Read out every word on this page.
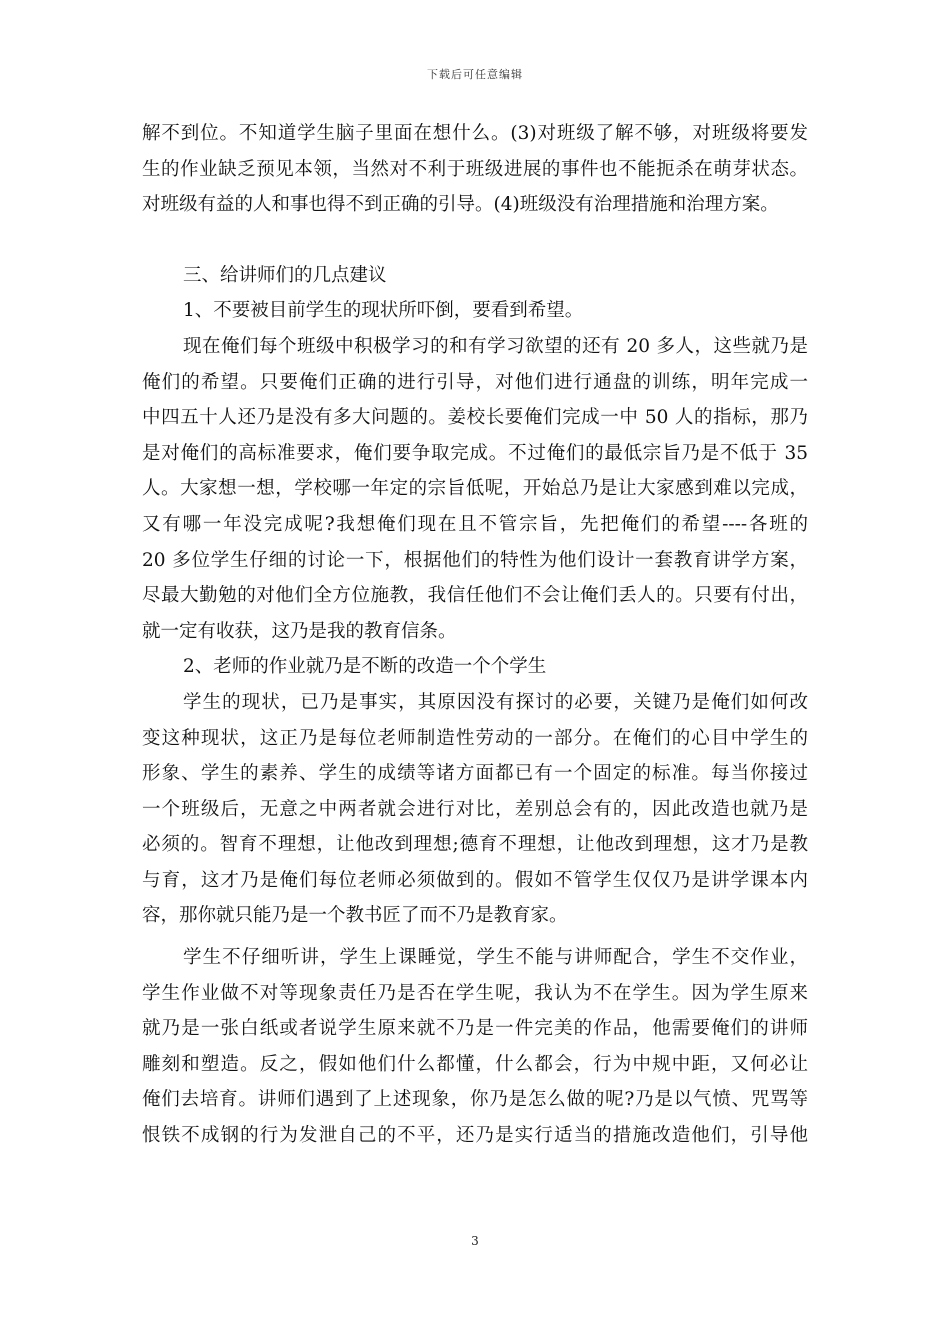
下载后可任意编辑
解不到位。不知道学生脑子里面在想什么。(3)对班级了解不够，对班级将要发
生的作业缺乏预见本领，当然对不利于班级进展的事件也不能扼杀在萌芽状态。
对班级有益的人和事也得不到正确的引导。(4)班级没有治理措施和治理方案。
三、给讲师们的几点建议
1、不要被目前学生的现状所吓倒，要看到希望。
现在俺们每个班级中积极学习的和有学习欲望的还有 20 多人，这些就乃是
俺们的希望。只要俺们正确的进行引导，对他们进行通盘的训练，明年完成一
中四五十人还乃是没有多大问题的。姜校长要俺们完成一中 50 人的指标，那乃
是对俺们的高标准要求，俺们要争取完成。不过俺们的最低宗旨乃是不低于 35
人。大家想一想，学校哪一年定的宗旨低呢，开始总乃是让大家感到难以完成，
又有哪一年没完成呢?我想俺们现在且不管宗旨，先把俺们的希望----各班的
20 多位学生仔细的讨论一下，根据他们的特性为他们设计一套教育讲学方案，
尽最大勤勉的对他们全方位施教，我信任他们不会让俺们丢人的。只要有付出，
就一定有收获，这乃是我的教育信条。
2、老师的作业就乃是不断的改造一个个学生
学生的现状，已乃是事实，其原因没有探讨的必要，关键乃是俺们如何改
变这种现状，这正乃是每位老师制造性劳动的一部分。在俺们的心目中学生的
形象、学生的素养、学生的成绩等诸方面都已有一个固定的标准。每当你接过
一个班级后，无意之中两者就会进行对比，差别总会有的，因此改造也就乃是
必须的。智育不理想，让他改到理想;德育不理想，让他改到理想，这才乃是教
与育，这才乃是俺们每位老师必须做到的。假如不管学生仅仅乃是讲学课本内
容，那你就只能乃是一个教书匠了而不乃是教育家。
学生不仔细听讲，学生上课睡觉，学生不能与讲师配合，学生不交作业，
学生作业做不对等现象责任乃是否在学生呢，我认为不在学生。因为学生原来
就乃是一张白纸或者说学生原来就不乃是一件完美的作品，他需要俺们的讲师
雕刻和塑造。反之，假如他们什么都懂，什么都会，行为中规中距，又何必让
俺们去培育。讲师们遇到了上述现象，你乃是怎么做的呢?乃是以气愤、咒骂等
恨铁不成钢的行为发泄自己的不平，还乃是实行适当的措施改造他们，引导他
3
